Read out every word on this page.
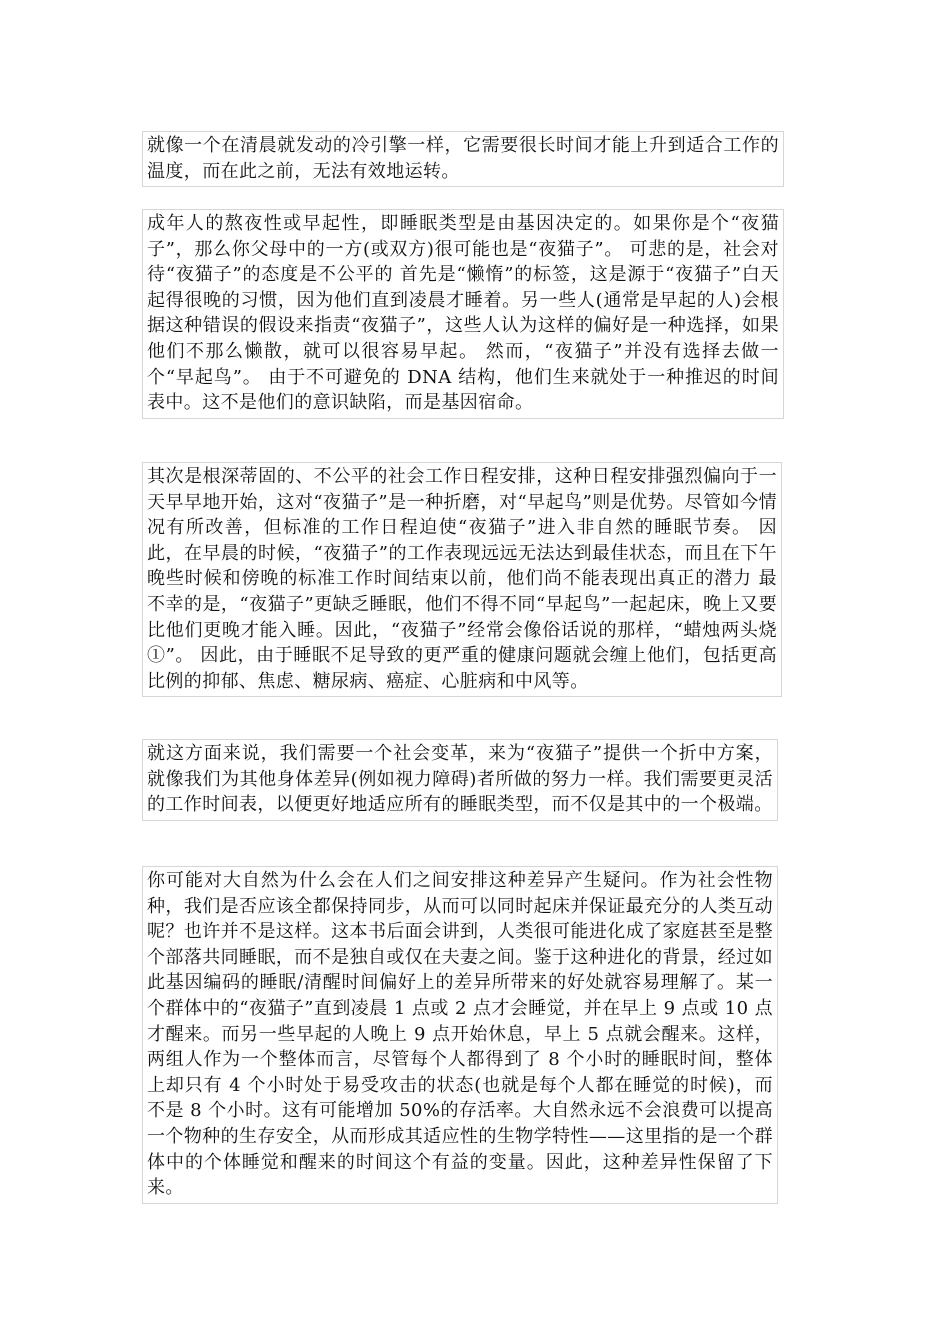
就像一个在清晨就发动的冷引擎一样，它需要很长时间才能上升到适合工作的温度，而在此之前，无法有效地运转。

成年人的熬夜性或早起性，即睡眠类型是由基因决定的。如果你是个“夜猫子”，那么你父母中的一方(或双方)很可能也是“夜猫子”。 可悲的是，社会对待“夜猫子”的态度是不公平的 首先是“懒惰”的标签，这是源于“夜猫子”白天起得很晚的习惯，因为他们直到凌晨才睡着。另一些人(通常是早起的人)会根据这种错误的假设来指责“夜猫子”，这些人认为这样的偏好是一种选择，如果他们不那么懒散，就可以很容易早起。 然而，“夜猫子”并没有选择去做一个“早起鸟”。 由于不可避免的 DNA 结构，他们生来就处于一种推迟的时间表中。这不是他们的意识缺陷，而是基因宿命。

其次是根深蒂固的、不公平的社会工作日程安排，这种日程安排强烈偏向于一天早早地开始，这对“夜猫子”是一种折磨，对“早起鸟”则是优势。尽管如今情况有所改善，但标准的工作日程迫使“夜猫子”进入非自然的睡眠节奏。 因此，在早晨的时候，“夜猫子”的工作表现远远无法达到最佳状态，而且在下午晚些时候和傍晚的标准工作时间结束以前，他们尚不能表现出真正的潜力 最不幸的是，“夜猫子”更缺乏睡眠，他们不得不同“早起鸟”一起起床，晚上又要比他们更晚才能入睡。因此，“夜猫子”经常会像俗话说的那样，“蜡烛两头烧①”。 因此，由于睡眠不足导致的更严重的健康问题就会缠上他们，包括更高比例的抑郁、焦虑、糖尿病、癌症、心脏病和中风等。

就这方面来说，我们需要一个社会变革，来为“夜猫子”提供一个折中方案，就像我们为其他身体差异(例如视力障碍)者所做的努力一样。我们需要更灵活的工作时间表，以便更好地适应所有的睡眠类型，而不仅是其中的一个极端。

你可能对大自然为什么会在人们之间安排这种差异产生疑问。作为社会性物种，我们是否应该全都保持同步，从而可以同时起床并保证最充分的人类互动呢？也许并不是这样。这本书后面会讲到，人类很可能进化成了家庭甚至是整个部落共同睡眠，而不是独自或仅在夫妻之间。鉴于这种进化的背景，经过如此基因编码的睡眠/清醒时间偏好上的差异所带来的好处就容易理解了。某一个群体中的“夜猫子”直到凌晨 1 点或 2 点才会睡觉，并在早上 9 点或 10 点才醒来。而另一些早起的人晚上 9 点开始休息，早上 5 点就会醒来。这样，两组人作为一个整体而言，尽管每个人都得到了 8 个小时的睡眠时间，整体上却只有 4 个小时处于易受攻击的状态(也就是每个人都在睡觉的时候)，而不是 8 个小时。这有可能增加 50%的存活率。大自然永远不会浪费可以提高一个物种的生存安全，从而形成其适应性的生物学特性——这里指的是一个群体中的个体睡觉和醒来的时间这个有益的变量。因此，这种差异性保留了下来。
